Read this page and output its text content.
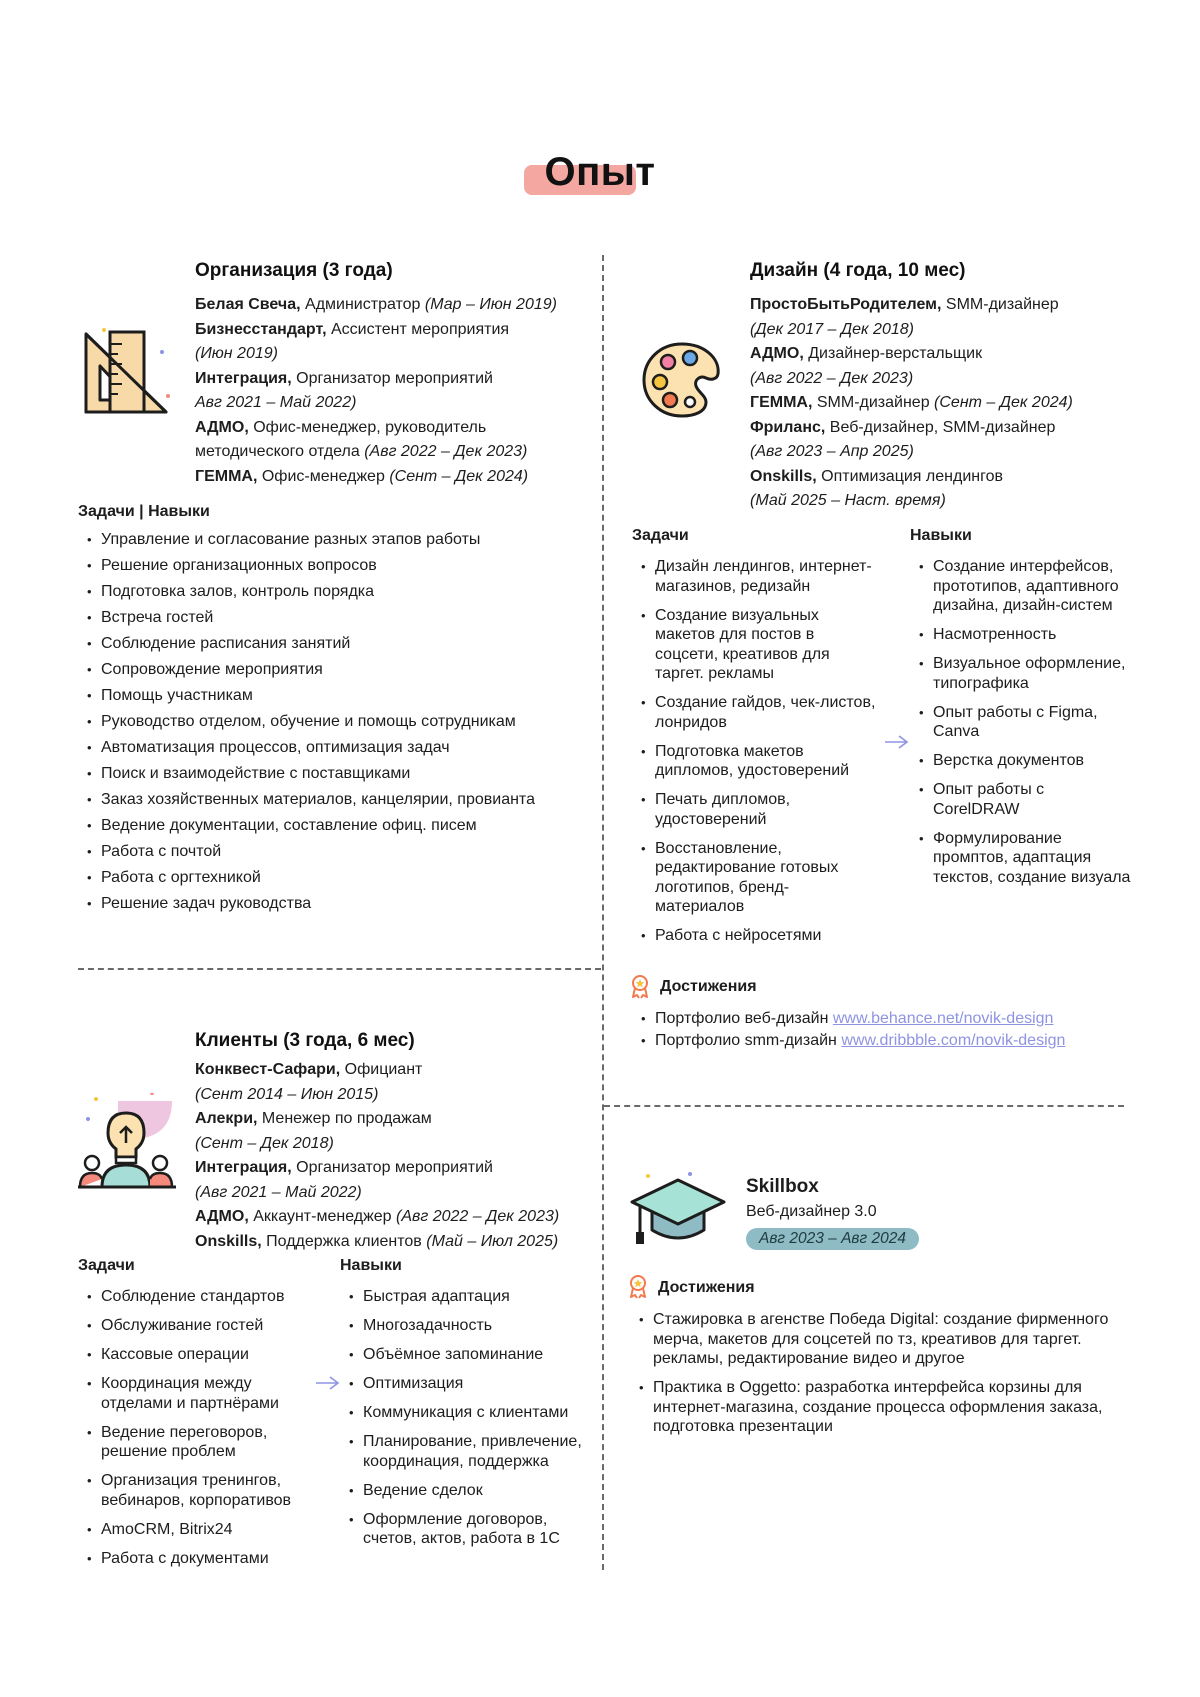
Опыт
Организация (3 года)
Белая Свеча, Администратор (Мар – Июн 2019)
Бизнесстандарт, Ассистент мероприятия
(Июн 2019)
Интеграция, Организатор мероприятий
Авг 2021 – Май 2022)
АДМО, Офис-менеджер, руководитель методического отдела (Авг 2022 – Дек 2023)
ГЕММА, Офис-менеджер (Сент – Дек 2024)
Задачи | Навыки
• Управление и согласование разных этапов работы
• Решение организационных вопросов
• Подготовка залов, контроль порядка
• Встреча гостей
• Соблюдение расписания занятий
• Сопровождение мероприятия
• Помощь участникам
• Руководство отделом, обучение и помощь сотрудникам
• Автоматизация процессов, оптимизация задач
• Поиск и взаимодействие с поставщиками
• Заказ хозяйственных материалов, канцелярии, провианта
• Ведение документации, составление офиц. писем
• Работа с почтой
• Работа с оргтехникой
• Решение задач руководства
Дизайн (4 года, 10 мес)
ПростоБытьРодителем, SMM-дизайнер
(Дек 2017 – Дек 2018)
АДМО, Дизайнер-верстальщик
(Авг 2022 – Дек 2023)
ГЕММА, SMM-дизайнер (Сент – Дек 2024)
Фриланс, Веб-дизайнер, SMM-дизайнер
(Авг 2023 – Апр 2025)
Onskills, Оптимизация лендингов
(Май 2025 – Наст. время)
Задачи	Навыки
• Дизайн лендингов, интернет-магазинов, редизайн
• Создание визуальных макетов для постов в соцсети, креативов для таргет. рекламы
• Создание гайдов, чек-листов, лонридов
• Подготовка макетов дипломов, удостоверений
• Печать дипломов, удостоверений
• Восстановление, редактирование готовых логотипов, бренд-материалов
• Работа с нейросетями
• Создание интерфейсов, прототипов, адаптивного дизайна, дизайн-систем
• Насмотренность
• Визуальное оформление, типографика
• Опыт работы с Figma, Canva
• Верстка документов
• Опыт работы с CorelDRAW
• Формулирование промптов, адаптация текстов, создание визуала
Достижения
• Портфолио веб-дизайн www.behance.net/novik-design
• Портфолио smm-дизайн www.dribbble.com/novik-design
Клиенты (3 года, 6 мес)
Конквест-Сафари, Официант
(Сент 2014 – Июн 2015)
Алекри, Менежер по продажам
(Сент – Дек 2018)
Интеграция, Организатор мероприятий
(Авг 2021 – Май 2022)
АДМО, Аккаунт-менеджер (Авг 2022 – Дек 2023)
Onskills, Поддержка клиентов (Май – Июл 2025)
Задачи	Навыки
• Соблюдение стандартов
• Обслуживание гостей
• Кассовые операции
• Координация между отделами и партнёрами
• Ведение переговоров, решение проблем
• Организация тренингов, вебинаров, корпоративов
• AmoCRM, Bitrix24
• Работа с документами
• Быстрая адаптация
• Многозадачность
• Объёмное запоминание
• Оптимизация
• Коммуникация с клиентами
• Планирование, привлечение, координация, поддержка
• Ведение сделок
• Оформление договоров, счетов, актов, работа в 1С
Skillbox
Веб-дизайнер 3.0
Авг 2023 – Авг 2024
Достижения
• Стажировка в агенстве Победа Digital: создание фирменного мерча, макетов для соцсетей по тз, креативов для таргет. рекламы, редактирование видео и другое
• Практика в Oggetto: разработка интерфейса корзины для интернет-магазина, создание процесса оформления заказа, подготовка презентации
